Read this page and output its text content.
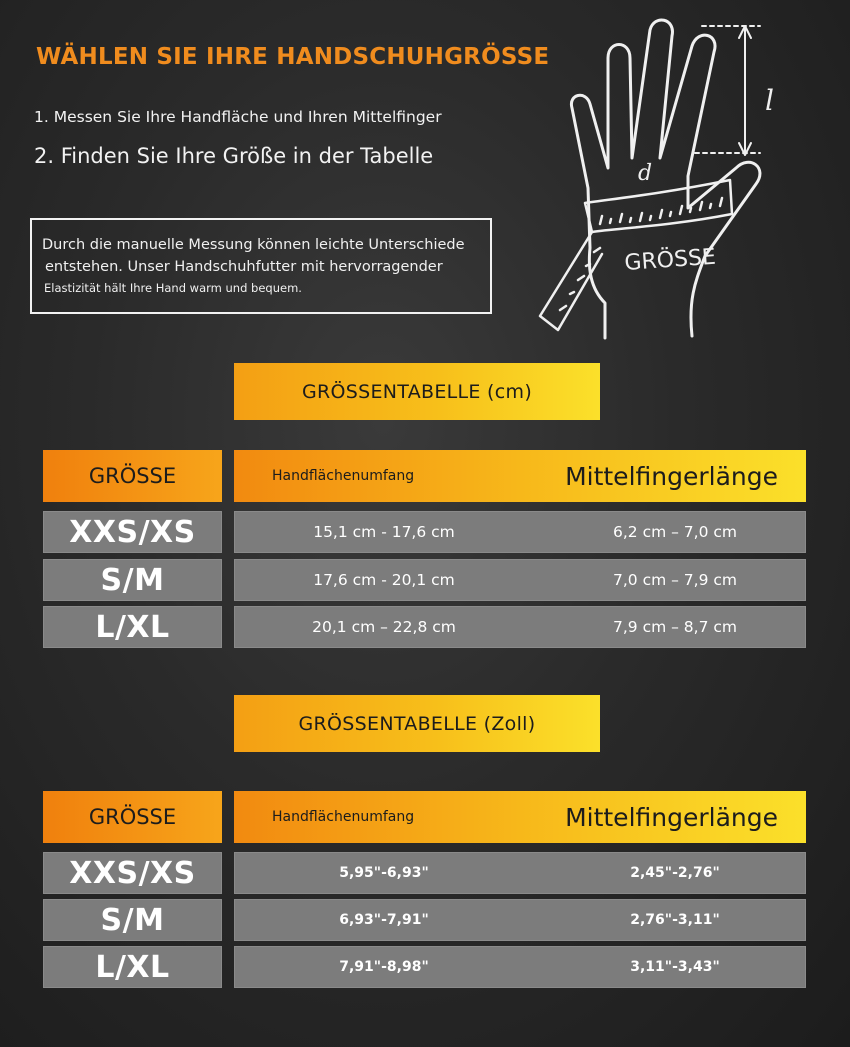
WÄHLEN SIE IHRE HANDSCHUHGRÖSSE
1. Messen Sie Ihre Handfläche und Ihren Mittelfinger
2. Finden Sie Ihre Größe in der Tabelle
Durch die manuelle Messung können leichte Unterschiede
entstehen. Unser Handschuhfutter mit hervorragender
Elastizität hält Ihre Hand warm und bequem.
l
d
GRÖSSE
GRÖSSENTABELLE (cm)
GRÖSSE	Handflächenumfang	Mittelfingerlänge
XXS/XS	15,1 cm - 17,6 cm	6,2 cm – 7,0 cm
S/M	17,6 cm - 20,1 cm	7,0 cm – 7,9 cm
L/XL	20,1 cm – 22,8 cm	7,9 cm – 8,7 cm
GRÖSSENTABELLE (Zoll)
GRÖSSE	Handflächenumfang	Mittelfingerlänge
XXS/XS	5,95"-6,93"	2,45"-2,76"
S/M	6,93"-7,91"	2,76"-3,11"
L/XL	7,91"-8,98"	3,11"-3,43"
